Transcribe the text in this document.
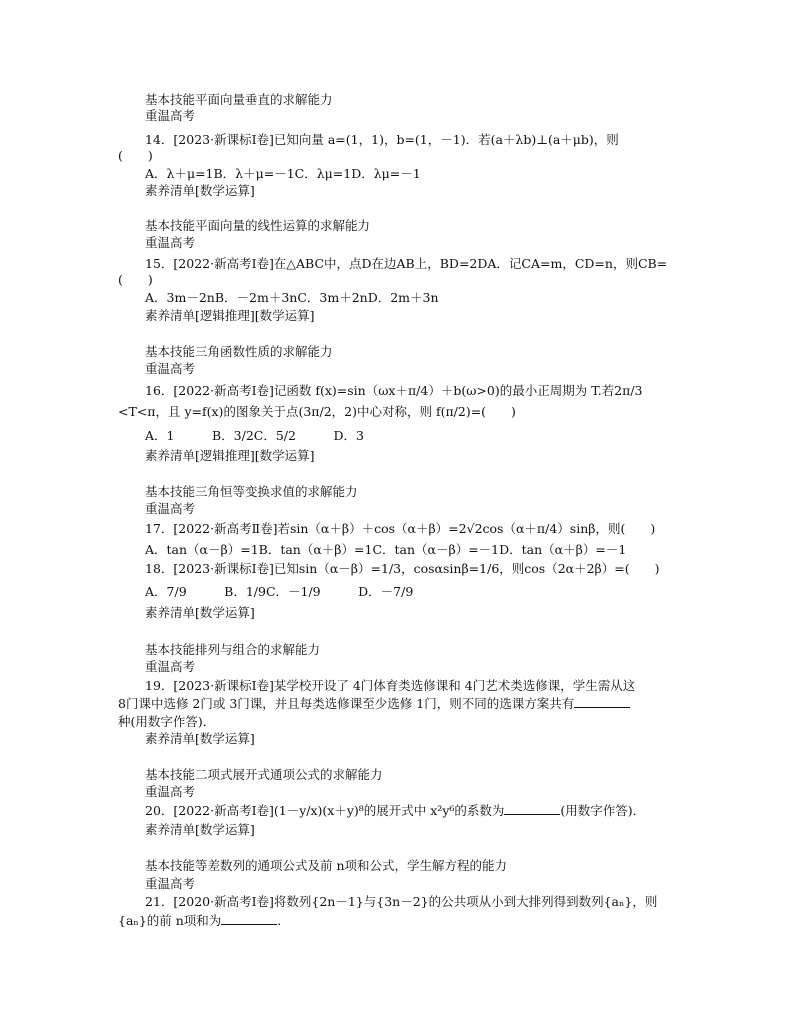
基本技能平面向量垂直的求解能力
重温高考
14．[2023·新课标Ⅰ卷]已知向量 a=(1，1)，b=(1，－1)．若(a＋λb)⊥(a＋μb)，则
(　　)
A．λ＋μ=1B．λ＋μ=－1C．λμ=1D．λμ=－1
素养清单[数学运算]
基本技能平面向量的线性运算的求解能力
重温高考
15．[2022·新高考Ⅰ卷]在△ABC中，点D在边AB上，BD=2DA．记CA=m，CD=n，则CB=
(　　)
A．3m－2nB．－2m＋3nC．3m＋2nD．2m＋3n
素养清单[逻辑推理][数学运算]
基本技能三角函数性质的求解能力
重温高考
16．[2022·新高考Ⅰ卷]记函数 f(x)=sin（ωx＋π/4）＋b(ω>0)的最小正周期为 T.若2π/3
<T<π，且 y=f(x)的图象关于点(3π/2，2)中心对称，则 f(π/2)=(　　)
A．1　　　B．3/2C．5/2　　　D．3
素养清单[逻辑推理][数学运算]
基本技能三角恒等变换求值的求解能力
重温高考
17．[2022·新高考Ⅱ卷]若sin（α＋β）＋cos（α＋β）=2√2cos（α＋π/4）sinβ，则(　　)
A．tan（α－β）=1B．tan（α＋β）=1C．tan（α－β）=－1D．tan（α＋β）=－1
18．[2023·新课标Ⅰ卷]已知sin（α－β）=1/3，cosαsinβ=1/6，则cos（2α＋2β）=(　　)
A．7/9　　　B．1/9C．－1/9　　　D．－7/9
素养清单[数学运算]
基本技能排列与组合的求解能力
重温高考
19．[2023·新课标Ⅰ卷]某学校开设了 4门体育类选修课和 4门艺术类选修课，学生需从这
8门课中选修 2门或 3门课，并且每类选修课至少选修 1门，则不同的选课方案共有
种(用数字作答)．
素养清单[数学运算]
基本技能二项式展开式通项公式的求解能力
重温高考
20．[2022·新高考Ⅰ卷](1－y/x)(x＋y)⁸的展开式中 x²y⁶的系数为	(用数字作答)．
素养清单[数学运算]
基本技能等差数列的通项公式及前 n项和公式，学生解方程的能力
重温高考
21．[2020·新高考Ⅰ卷]将数列{2n－1}与{3n－2}的公共项从小到大排列得到数列{aₙ}，则
{aₙ}的前 n项和为	.
